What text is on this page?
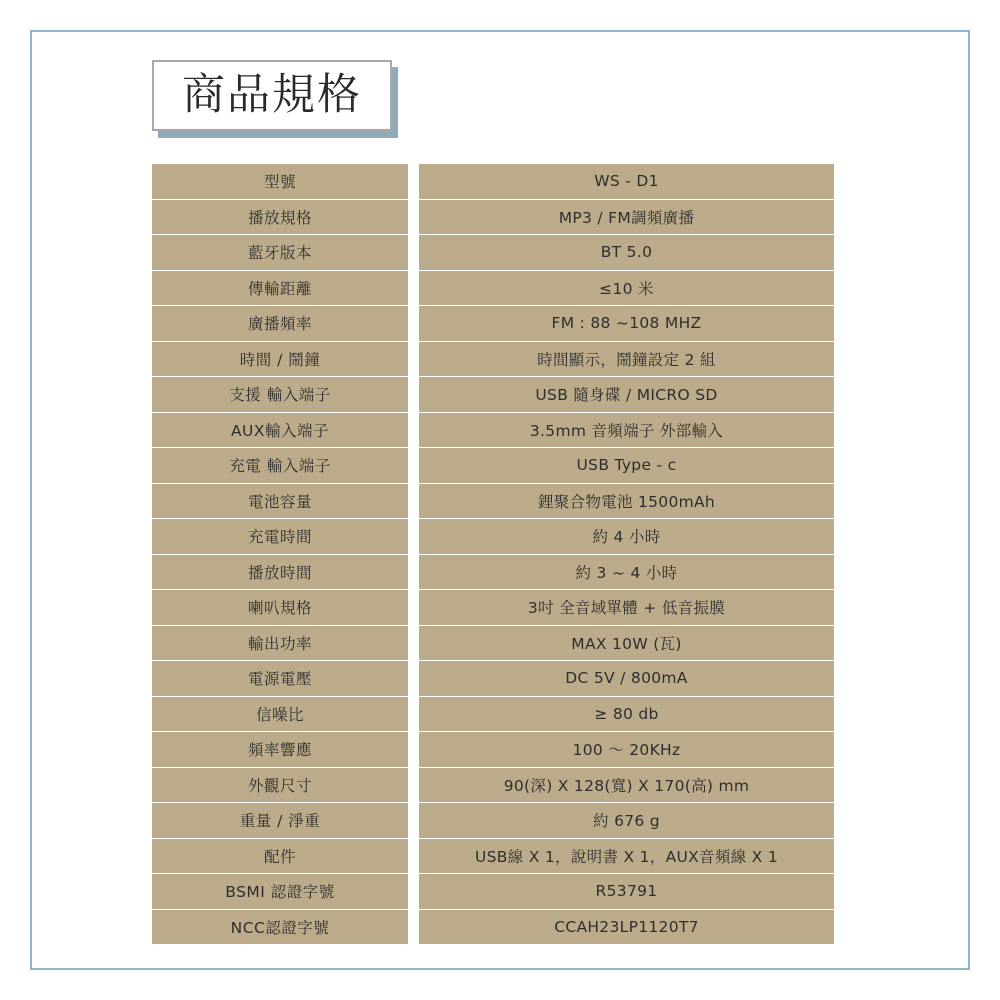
商品規格
型號	WS - D1
播放規格	MP3 / FM調頻廣播
藍牙版本	BT 5.0
傳輸距離	≤10 米
廣播頻率	FM : 88 ~108 MHZ
時間 / 鬧鐘	時間顯示，鬧鐘設定 2 組
支援 輸入端子	USB 隨身碟 / MICRO SD
AUX輸入端子	3.5mm 音頻端子 外部輸入
充電 輸入端子	USB Type - c
電池容量	鋰聚合物電池 1500mAh
充電時間	約 4 小時
播放時間	約 3 ~ 4 小時
喇叭規格	3吋 全音域單體 + 低音振膜
輸出功率	MAX 10W (瓦)
電源電壓	DC 5V / 800mA
信噪比	≥ 80 db
頻率響應	100 ～ 20KHz
外觀尺寸	90(深) X 128(寬) X 170(高) mm
重量 / 淨重	約 676 g
配件	USB線 X 1，說明書 X 1，AUX音頻線 X 1
BSMI 認證字號	R53791
NCC認證字號	CCAH23LP1120T7
